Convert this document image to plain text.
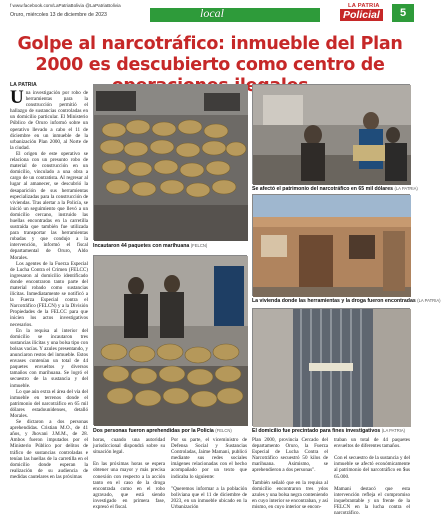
f www.facebook.com/LaPatriaBolivia @LaPatriaBolivia
Oruro, miércoles 13 de diciembre de 2023	local	LA PATRIA
Policial	5
Golpe al narcotráfico: inmueble del Plan 2000 es descubierto como centro de
LA PATRIA
U na investigación por robo de herramientas para la construcción permitió el hallazgo de sustancias controladas en un domicilio particular. El Ministerio Público de Oruro informó sobre un operativo llevado a cabo el 11 de diciembre en un inmueble de la urbanización Plan 2000, al Norte de la ciudad.

El origen de este operativo se relaciona con un presunto robo de material de construcción en un domicilio, vinculado a una obra a cargo de un contratista. Al regresar al lugar al amanecer, se descubrió la desaparición de sus herramientas especializadas para la construcción de viviendas. Tras alertar a la Policía, se inició un seguimiento que llevó a un domicilio cercano, instruido las huellas encontradas en la carretilla sustraída que también fue utilizada para transportar las herramientas robadas y que condujo a la intervención, informó el fiscal departamental de Oruro, Aldo Morales.

Los agentes de la Fuerza Especial de Lucha Contra el Crimen (FELCC) ingresaron al domicilio identificado donde encontraron tanto parte del material robado como sustancias ilícitas. Inmediatamente se notificó a la Fuerza Especial contra el Narcotráfico (FELCN) y a la División Propiedades de la FELCC para que inicien los actos investigativos necesarios.

En la requisa al interior del domicilio se incautaron tres sustancias ilícitas y una bolsa tipo con bolsas vacías. Y azules presentando, y anunciaron restos del inmueble. Estos envases contenían un total de 44 paquetes envueltos y diversos tamaños con marihuana. Se logró el secuestro de la sustancia y del inmueble.

Lo que aún extra el área del vía del inmueble en terrenos donde el patrimonio del narcotráfico en 65 mil dólares estadounidenses, detalló Morales.

Se dictaron a dos personas aprehendidas. Cristian M.O., de 41 años, y Jhovani J.M.M., de 28. Ambos fueron imputados por el Ministerio Público por delitos de tráfico de sustancias controladas e tenían las huellas de la carretilla en el domicilio donde esperan la realización de su audiencia de medidas cautelares en las próximas

Incautaron 44 paquetes con marihuana (FELCN)
Se afectó el patrimonio del narcotráfico en 65 mil dólares (LA PATRIA)
La vivienda donde las herramientas y la droga fueron encontradas (LA PATRIA)
Dos personas fueron aprehendidas por la Policía (FELCN)	El domicilio fue precintado para fines investigativos (LA PATRIA)
horas, cuando una autoridad jurisdiccional dispondrá sobre su situación legal.

En las próximas horas se espera obtener una mayor y más precisa conexión con respecto a la acción tanto en el caso de la droga encontrada como en el robo agravado, que está siendo investigado en primera fase, expresó el fiscal.
Por su parte, el viceministro de Defensa Social y Sustancias Controladas, Jaime Mamani, publicó mediante sus redes sociales imágenes relacionadas con el hecho acompañado por un texto que indicaba lo siguiente:

"Queremos informar a la población boliviana que el 11 de diciembre de 2023, en un inmueble ubicado en la Urbanización
Plan 2000, provincia Cercado del departamento Oruro, la Fuerza Especial de Lucha Contra el Narcotráfico secuestró 50 kilos de marihuana. Asimismo, se aprehendieron a dos personas".

También señaló que en la requisa al domicilio encontraron tres ydos azules y una bolsa negra conteniendo en cuyo interior se encontraban, y así mismo, en cuyo interior se encon-
traban un total de 44 paquetes envueltos de diferentes tamaños.

Con el secuestro de la sustancia y del inmueble se afectó económicamente al patrimonio del narcotráfico en $us 65.000.

Mamani destacó que esta intervención refleja el compromiso inquebrantable y un frente de la FELCN en la lucha contra el narcotráfico.
